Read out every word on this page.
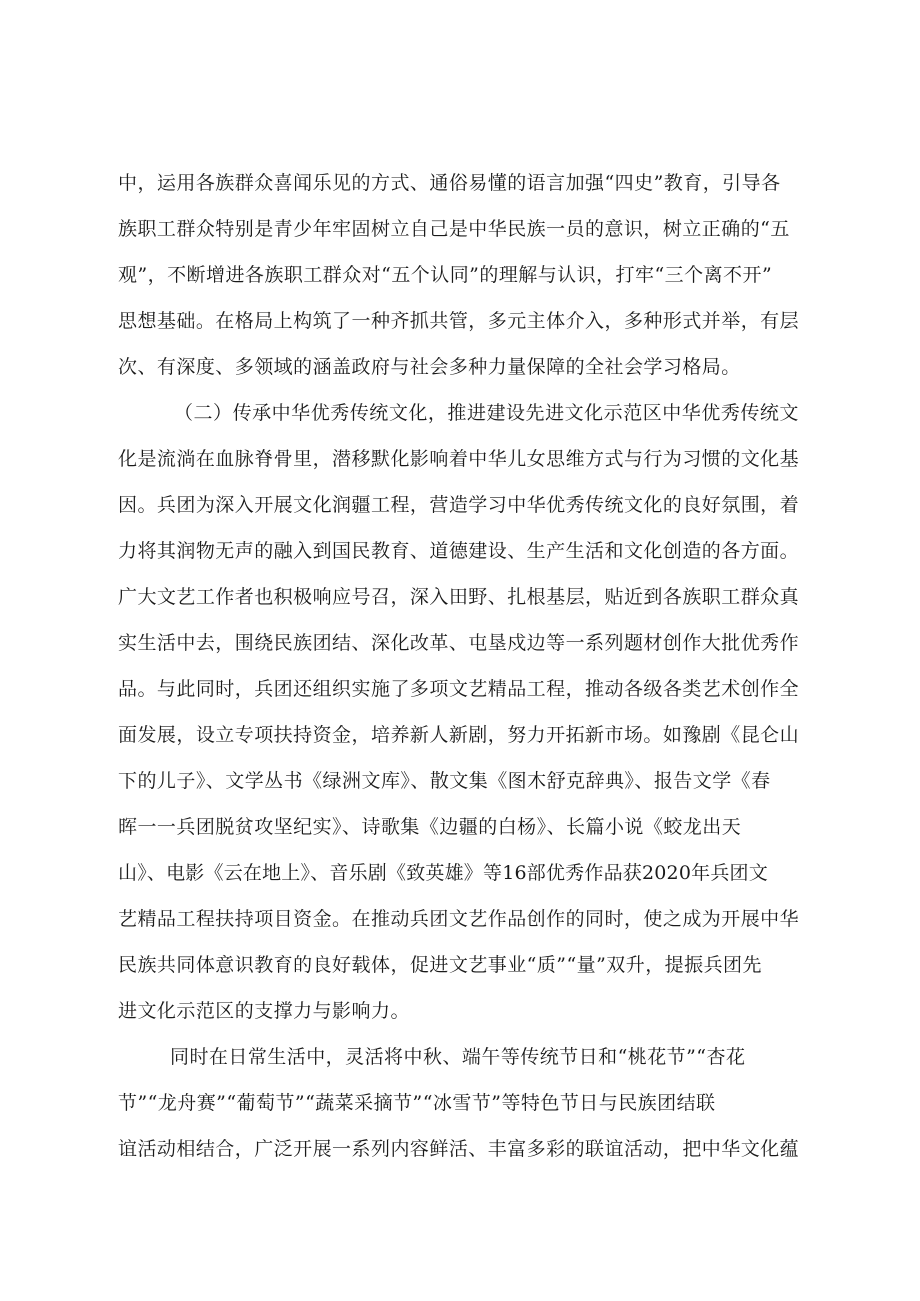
中，运用各族群众喜闻乐见的方式、通俗易懂的语言加强“四史”教育，引导各
族职工群众特别是青少年牢固树立自己是中华民族一员的意识，树立正确的“五
观”，不断增进各族职工群众对“五个认同”的理解与认识，打牢“三个离不开”
思想基础。在格局上构筑了一种齐抓共管，多元主体介入，多种形式并举，有层
次、有深度、多领域的涵盖政府与社会多种力量保障的全社会学习格局。
（二）传承中华优秀传统文化，推进建设先进文化示范区中华优秀传统文
化是流淌在血脉脊骨里，潜移默化影响着中华儿女思维方式与行为习惯的文化基
因。兵团为深入开展文化润疆工程，营造学习中华优秀传统文化的良好氛围，着
力将其润物无声的融入到国民教育、道德建设、生产生活和文化创造的各方面。
广大文艺工作者也积极响应号召，深入田野、扎根基层，贴近到各族职工群众真
实生活中去，围绕民族团结、深化改革、屯垦戍边等一系列题材创作大批优秀作
品。与此同时，兵团还组织实施了多项文艺精品工程，推动各级各类艺术创作全
面发展，设立专项扶持资金，培养新人新剧，努力开拓新市场。如豫剧《昆仑山
下的儿子》、文学丛书《绿洲文库》、散文集《图木舒克辞典》、报告文学《春
晖一一兵团脱贫攻坚纪实》、诗歌集《边疆的白杨》、长篇小说《蛟龙出天
山》、电影《云在地上》、音乐剧《致英雄》等16部优秀作品获2020年兵团文
艺精品工程扶持项目资金。在推动兵团文艺作品创作的同时，使之成为开展中华
民族共同体意识教育的良好载体，促进文艺事业“质”“量”双升，提振兵团先
进文化示范区的支撑力与影响力。
同时在日常生活中，灵活将中秋、端午等传统节日和“桃花节”“杏花
节”“龙舟赛”“葡萄节”“蔬菜采摘节”“冰雪节”等特色节日与民族团结联
谊活动相结合，广泛开展一系列内容鲜活、丰富多彩的联谊活动，把中华文化蕴
